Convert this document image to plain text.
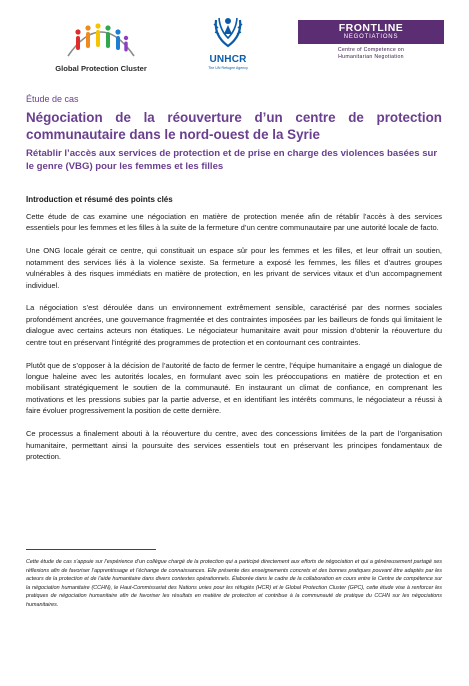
Global Protection Cluster
UNHCR
The UN Refugee Agency
FRONTLINE
NEGOTIATIONS
Centre of Competence on
Humanitarian Negotiation

Étude de cas

Négociation de la réouverture d’un centre de protection communautaire dans le nord-ouest de la Syrie

Rétablir l’accès aux services de protection et de prise en charge des violences basées sur le genre (VBG) pour les femmes et les filles

Introduction et résumé des points clés

Cette étude de cas examine une négociation en matière de protection menée afin de rétablir l’accès à des services essentiels pour les femmes et les filles à la suite de la fermeture d’un centre communautaire par une autorité locale de facto.

Une ONG locale gérait ce centre, qui constituait un espace sûr pour les femmes et les filles, et leur offrait un soutien, notamment des services liés à la violence sexiste. Sa fermeture a exposé les femmes, les filles et d’autres groupes vulnérables à des risques immédiats en matière de protection, en les privant de services vitaux et d’un accompagnement individuel.

La négociation s’est déroulée dans un environnement extrêmement sensible, caractérisé par des normes sociales profondément ancrées, une gouvernance fragmentée et des contraintes imposées par les bailleurs de fonds qui limitaient le dialogue avec certains acteurs non étatiques. Le négociateur humanitaire avait pour mission d’obtenir la réouverture du centre tout en préservant l’intégrité des programmes de protection et en contournant ces contraintes.

Plutôt que de s’opposer à la décision de l’autorité de facto de fermer le centre, l’équipe humanitaire a engagé un dialogue de longue haleine avec les autorités locales, en formulant avec soin les préoccupations en matière de protection et en mobilisant stratégiquement le soutien de la communauté. En instaurant un climat de confiance, en comprenant les motivations et les pressions subies par la partie adverse, et en identifiant les intérêts communs, le négociateur a réussi à faire évoluer progressivement la position de cette dernière.

Ce processus a finalement abouti à la réouverture du centre, avec des concessions limitées de la part de l’organisation humanitaire, permettant ainsi la poursuite des services essentiels tout en préservant les principes fondamentaux de protection.

Cette étude de cas s’appuie sur l’expérience d’un collègue chargé de la protection qui a participé directement aux efforts de négociation et qui a généreusement partagé ses réflexions afin de favoriser l’apprentissage et l’échange de connaissances. Elle présente des enseignements concrets et des bonnes pratiques pouvant être adaptés par les acteurs de la protection et de l’aide humanitaire dans divers contextes opérationnels. Élaborée dans le cadre de la collaboration en cours entre le Centre de compétence sur la négociation humanitaire (CCHN), le Haut-Commissariat des Nations unies pour les réfugiés (HCR) et le Global Protection Cluster (GPC), cette étude vise à renforcer les pratiques de négociation humanitaire afin de favoriser les résultats en matière de protection et contribue à la communauté de pratique du CCHN sur les négociations humanitaires.
